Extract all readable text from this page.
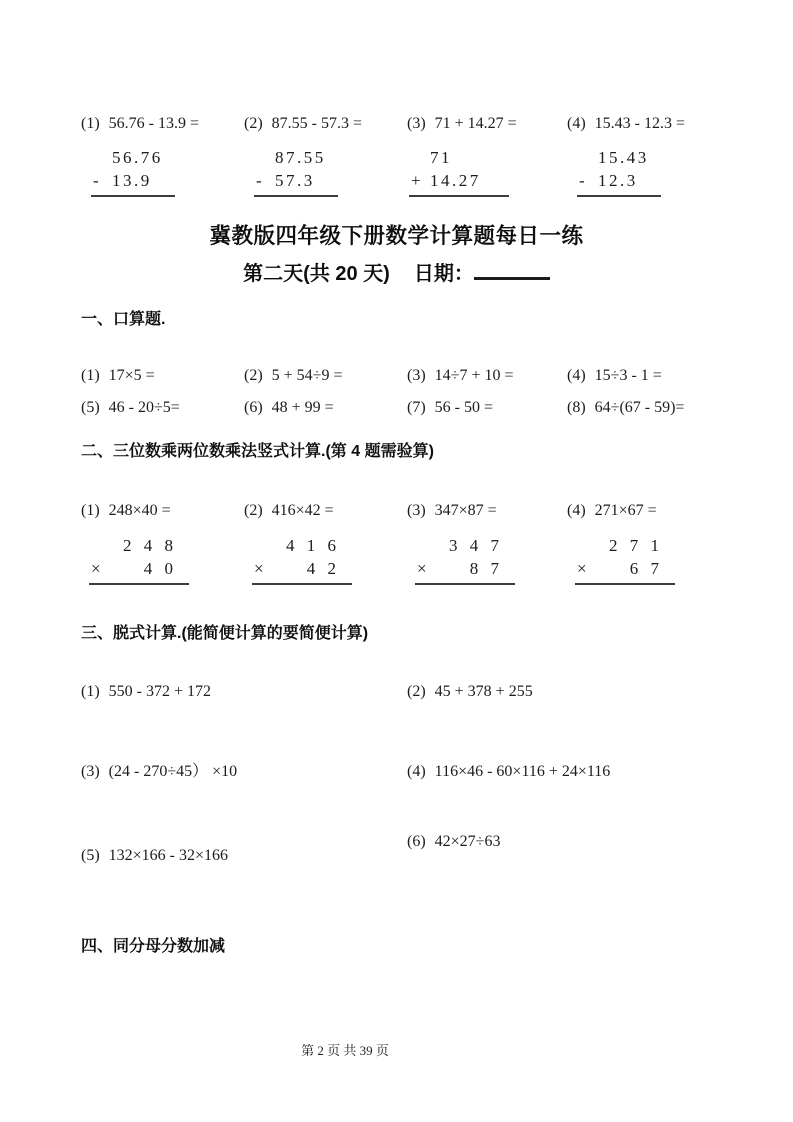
(1) 56.76 - 13.9 =
56.76
- 13.9
(2) 87.55 - 57.3 =
87.55
- 57.3
(3) 71 + 14.27 =
71
+ 14.27
(4) 15.43 - 12.3 =
15.43
- 12.3
冀教版四年级下册数学计算题每日一练
第二天(共 20 天) 日期：
一、口算题.
(1) 17×5 =	(2) 5 + 54÷9 =	(3) 14÷7 + 10 =	(4) 15÷3 - 1 =
(5) 46 - 20÷5=	(6) 48 + 99 =	(7) 56 - 50 =	(8) 64÷(67 - 59)=
二、三位数乘两位数乘法竖式计算.(第 4 题需验算)
(1) 248×40 =
2 4 8
×	4 0
(2) 416×42 =
4 1 6
×	4 2
(3) 347×87 =
3 4 7
×	8 7
(4) 271×67 =
2 7 1
×	6 7
三、脱式计算.(能简便计算的要简便计算)
(1) 550 - 372 + 172	(2) 45 + 378 + 255
(3) (24 - 270÷45） ×10	(4) 116×46 - 60×116 + 24×116
(5) 132×166 - 32×166
(6) 42×27÷63
四、同分母分数加减
第 2 页 共 39 页
